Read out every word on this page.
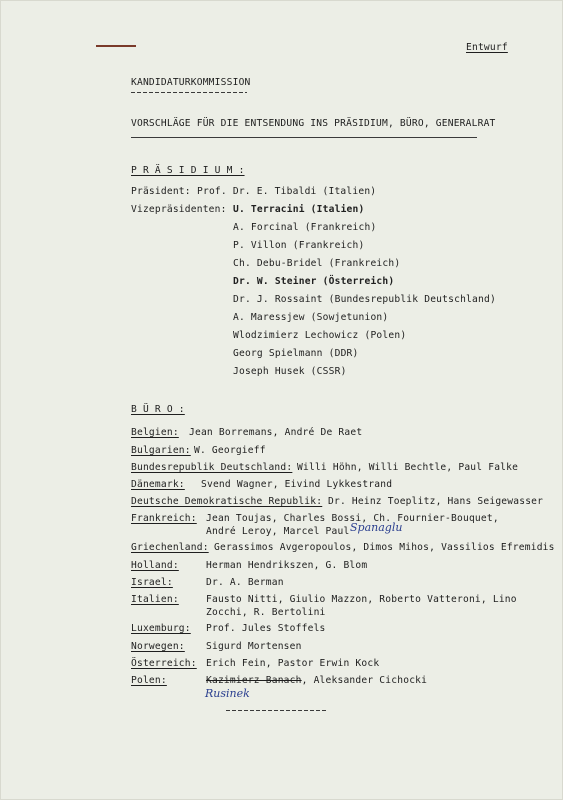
Entwurf
KANDIDATURKOMMISSION
VORSCHLÄGE FÜR DIE ENTSENDUNG INS PRÄSIDIUM, BÜRO, GENERALRAT
P R Ä S I D I U M :
Präsident: Prof. Dr. E. Tibaldi (Italien)
Vizepräsidenten: U. Terracini (Italien)
A. Forcinal (Frankreich)
P. Villon (Frankreich)
Ch. Debu-Bridel (Frankreich)
Dr. W. Steiner (Österreich)
Dr. J. Rossaint (Bundesrepublik Deutschland)
A. Maressjew (Sowjetunion)
Wlodzimierz Lechowicz (Polen)
Georg Spielmann (DDR)
Joseph Husek (CSSR)
B Ü R O :
Belgien: Jean Borremans, André De Raet
Bulgarien: W. Georgieff
Bundesrepublik Deutschland: Willi Höhn, Willi Bechtle, Paul Falke
Dänemark: Svend Wagner, Eivind Lykkestrand
Deutsche Demokratische Republik: Dr. Heinz Toeplitz, Hans Seigewasser
Frankreich: Jean Toujas, Charles Bossi, Ch. Fournier-Bouquet,
André Leroy, Marcel Paul Spanaglu
Griechenland: Gerassimos Avgeropoulos, Dimos Mihos, Vassilios Efremidis
Holland:	Herman Hendrikszen, G. Blom
Israel:	Dr. A. Berman
Italien:	Fausto Nitti, Giulio Mazzon, Roberto Vatteroni, Lino
Zocchi, R. Bertolini
Luxemburg: Prof. Jules Stoffels
Norwegen: Sigurd Mortensen
Österreich: Erich Fein, Pastor Erwin Kock
Polen:	Kazimierz Banach, Aleksander Cichocki
Rusinek
